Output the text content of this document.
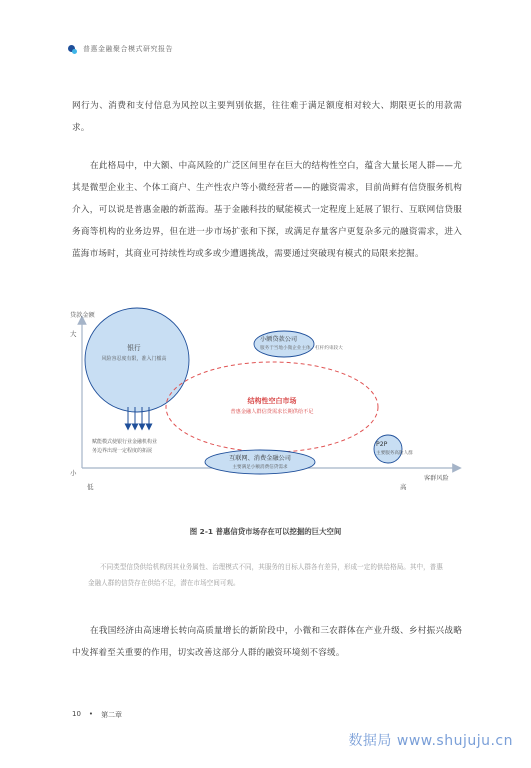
普惠金融聚合模式研究报告
网行为、消费和支付信息为风控以主要判别依据，往往难于满足额度相对较大、期限更长的用款需求。
在此格局中，中大额、中高风险的广泛区间里存在巨大的结构性空白，蕴含大量长尾人群——尤其是微型企业主、个体工商户、生产性农户等小微经营者——的融资需求，目前尚鲜有信贷服务机构介入，可以说是普惠金融的新蓝海。基于金融科技的赋能模式一定程度上延展了银行、互联网信贷服务商等机构的业务边界，但在进一步市场扩张和下探，或满足存量客户更复杂多元的融资需求，进入蓝海市场时，其商业可持续性均或多或少遭遇挑战，需要通过突破现有模式的局限来挖掘。
贷款金额
客群风险
大
小
低	高
银行
风险容忍度有限，准入门槛高
赋能模式使银行业金融机构业
务边界出现一定程度的拓展
小额贷款公司
服务于当地小微企业主体，杠杆约束较大
结构性空白市场
普惠金融人群信贷需求长期供给不足
互联网、消费金融公司
主要满足小额消费信贷需求
P2P
主要服务高险人群
图 2-1 普惠信贷市场存在可以挖掘的巨大空间
不同类型信贷供给机构因其业务属性、治理模式不同，其服务的目标人群各有差异，形成一定的供给格局。其中，普惠金融人群的信贷存在供给不足，潜在市场空间可观。
在我国经济由高速增长转向高质量增长的新阶段中，小微和三农群体在产业升级、乡村振兴战略中发挥着至关重要的作用，切实改善这部分人群的融资环境刻不容缓。
10 • 第二章
数据局 www.shujuju.cn
